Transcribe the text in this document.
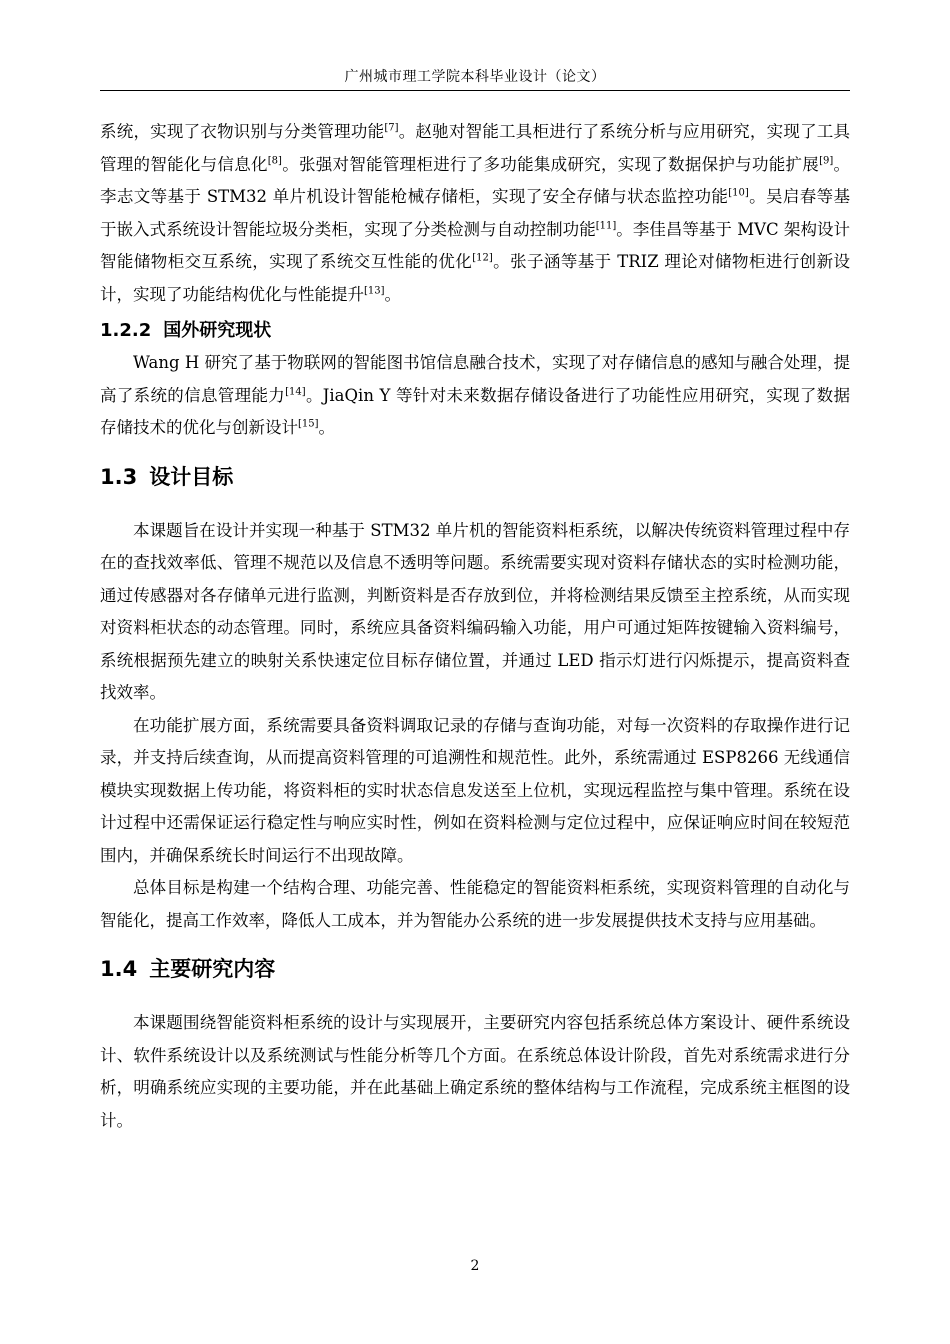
广州城市理工学院本科毕业设计（论文）

系统，实现了衣物识别与分类管理功能[7]。赵驰对智能工具柜进行了系统分析与应用研究，实现了工具管理的智能化与信息化[8]。张强对智能管理柜进行了多功能集成研究，实现了数据保护与功能扩展[9]。李志文等基于 STM32 单片机设计智能枪械存储柜，实现了安全存储与状态监控功能[10]。吴启春等基于嵌入式系统设计智能垃圾分类柜，实现了分类检测与自动控制功能[11]。李佳昌等基于 MVC 架构设计智能储物柜交互系统，实现了系统交互性能的优化[12]。张子涵等基于 TRIZ 理论对储物柜进行创新设计，实现了功能结构优化与性能提升[13]。

1.2.2 国外研究现状

Wang H 研究了基于物联网的智能图书馆信息融合技术，实现了对存储信息的感知与融合处理，提高了系统的信息管理能力[14]。JiaQin Y 等针对未来数据存储设备进行了功能性应用研究，实现了数据存储技术的优化与创新设计[15]。

1.3 设计目标

本课题旨在设计并实现一种基于 STM32 单片机的智能资料柜系统，以解决传统资料管理过程中存在的查找效率低、管理不规范以及信息不透明等问题。系统需要实现对资料存储状态的实时检测功能，通过传感器对各存储单元进行监测，判断资料是否存放到位，并将检测结果反馈至主控系统，从而实现对资料柜状态的动态管理。同时，系统应具备资料编码输入功能，用户可通过矩阵按键输入资料编号，系统根据预先建立的映射关系快速定位目标存储位置，并通过 LED 指示灯进行闪烁提示，提高资料查找效率。

在功能扩展方面，系统需要具备资料调取记录的存储与查询功能，对每一次资料的存取操作进行记录，并支持后续查询，从而提高资料管理的可追溯性和规范性。此外，系统需通过 ESP8266 无线通信模块实现数据上传功能，将资料柜的实时状态信息发送至上位机，实现远程监控与集中管理。系统在设计过程中还需保证运行稳定性与响应实时性，例如在资料检测与定位过程中，应保证响应时间在较短范围内，并确保系统长时间运行不出现故障。

总体目标是构建一个结构合理、功能完善、性能稳定的智能资料柜系统，实现资料管理的自动化与智能化，提高工作效率，降低人工成本，并为智能办公系统的进一步发展提供技术支持与应用基础。

1.4 主要研究内容

本课题围绕智能资料柜系统的设计与实现展开，主要研究内容包括系统总体方案设计、硬件系统设计、软件系统设计以及系统测试与性能分析等几个方面。在系统总体设计阶段，首先对系统需求进行分析，明确系统应实现的主要功能，并在此基础上确定系统的整体结构与工作流程，完成系统主框图的设计。

2
